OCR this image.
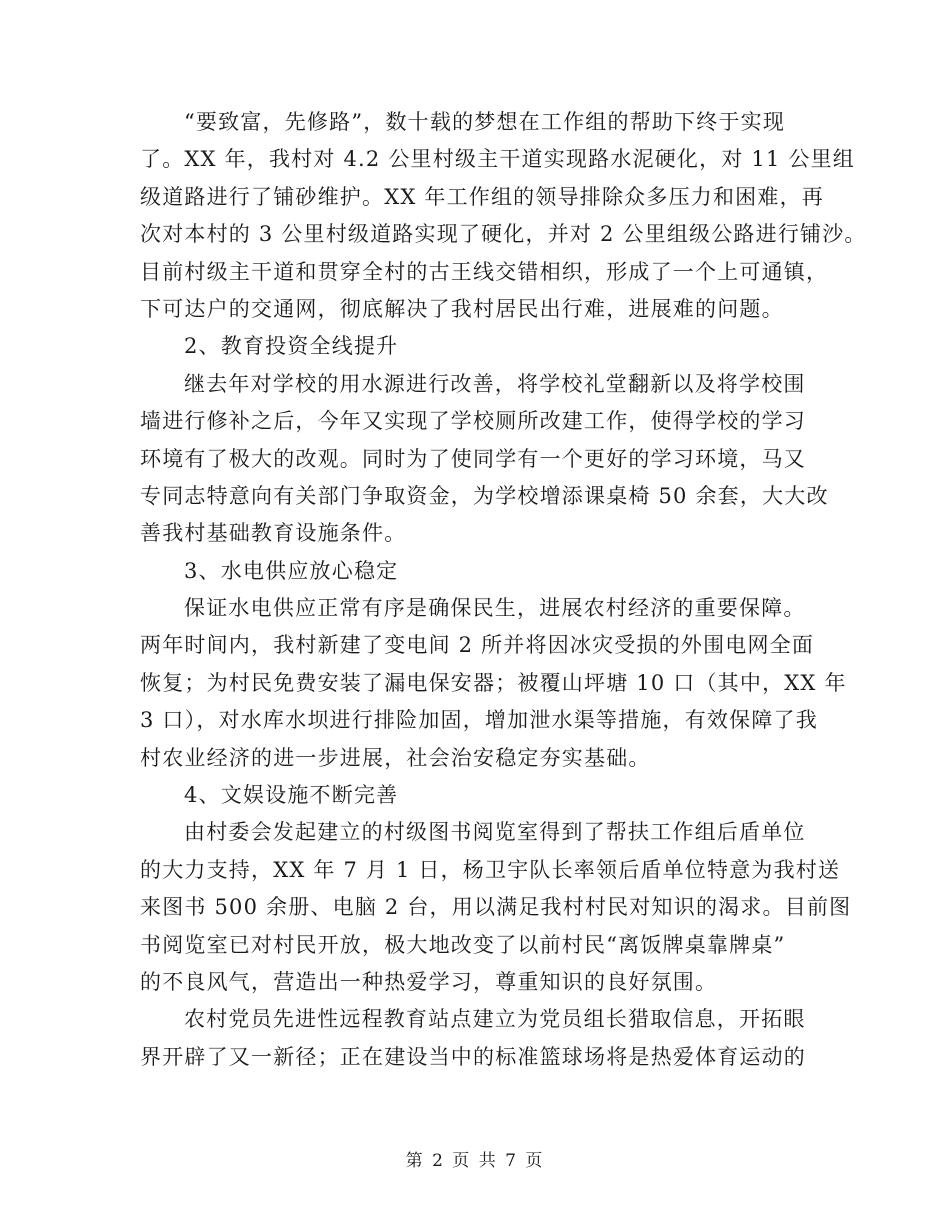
“要致富，先修路”，数十载的梦想在工作组的帮助下终于实现
了。XX 年，我村对 4.2 公里村级主干道实现路水泥硬化，对 11 公里组
级道路进行了铺砂维护。XX 年工作组的领导排除众多压力和困难，再
次对本村的 3 公里村级道路实现了硬化，并对 2 公里组级公路进行铺沙。
目前村级主干道和贯穿全村的古王线交错相织，形成了一个上可通镇，
下可达户的交通网，彻底解决了我村居民出行难，进展难的问题。
2、教育投资全线提升
继去年对学校的用水源进行改善，将学校礼堂翻新以及将学校围
墙进行修补之后，今年又实现了学校厕所改建工作，使得学校的学习
环境有了极大的改观。同时为了使同学有一个更好的学习环境，马又
专同志特意向有关部门争取资金，为学校增添课桌椅 50 余套，大大改
善我村基础教育设施条件。
3、水电供应放心稳定
保证水电供应正常有序是确保民生，进展农村经济的重要保障。
两年时间内，我村新建了变电间 2 所并将因冰灾受损的外围电网全面
恢复；为村民免费安装了漏电保安器；被覆山坪塘 10 口（其中，XX 年
3 口），对水库水坝进行排险加固，增加泄水渠等措施，有效保障了我
村农业经济的进一步进展，社会治安稳定夯实基础。
4、文娱设施不断完善
由村委会发起建立的村级图书阅览室得到了帮扶工作组后盾单位
的大力支持，XX 年 7 月 1 日，杨卫宇队长率领后盾单位特意为我村送
来图书 500 余册、电脑 2 台，用以满足我村村民对知识的渴求。目前图
书阅览室已对村民开放，极大地改变了以前村民“离饭牌桌靠牌桌”
的不良风气，营造出一种热爱学习，尊重知识的良好氛围。
农村党员先进性远程教育站点建立为党员组长猎取信息，开拓眼
界开辟了又一新径；正在建设当中的标准篮球场将是热爱体育运动的
第 2 页 共 7 页
